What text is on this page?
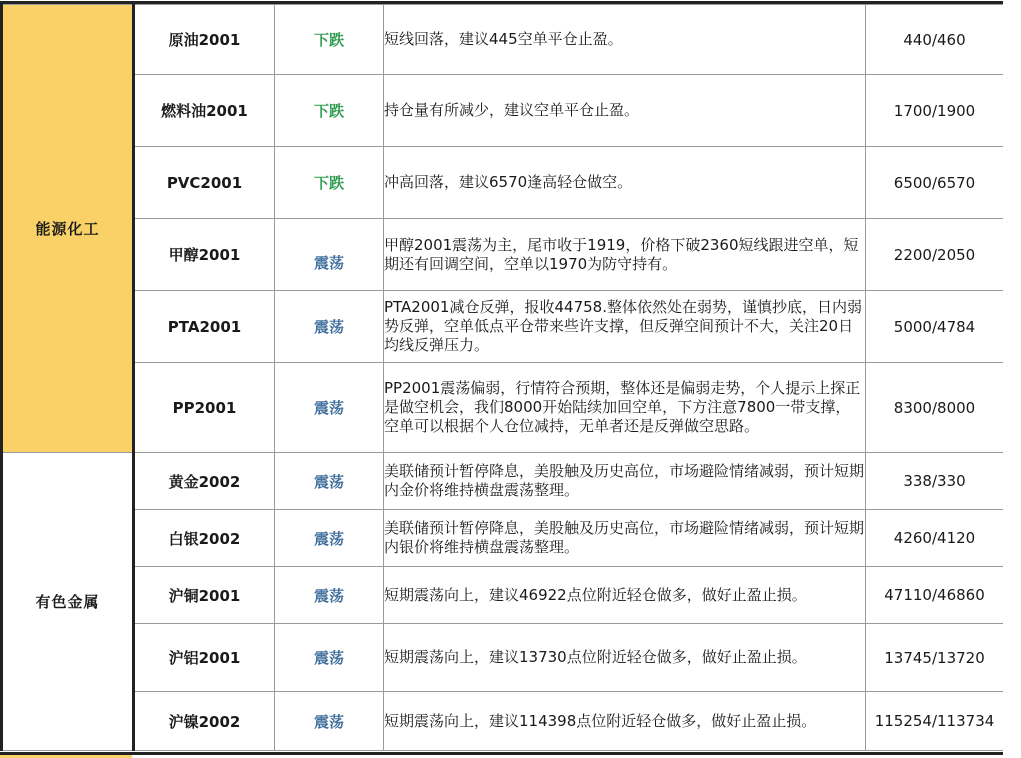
能源化工	原油2001	下跌	短线回落，建议445空单平仓止盈。	440/460
	燃料油2001	下跌	持仓量有所减少，建议空单平仓止盈。	1700/1900
	PVC2001	下跌	冲高回落，建议6570逢高轻仓做空。	6500/6570
	甲醇2001	震荡	甲醇2001震荡为主，尾市收于1919，价格下破2360短线跟进空单，短期还有回调空间，空单以1970为防守持有。	2200/2050
	PTA2001	震荡	PTA2001减仓反弹，报收44758.整体依然处在弱势，谨慎抄底，日内弱势反弹，空单低点平仓带来些许支撑，但反弹空间预计不大，关注20日均线反弹压力。	5000/4784
	PP2001	震荡	PP2001震荡偏弱，行情符合预期，整体还是偏弱走势，个人提示上探正是做空机会，我们8000开始陆续加回空单，下方注意7800一带支撑，空单可以根据个人仓位减持，无单者还是反弹做空思路。	8300/8000
有色金属	黄金2002	震荡	美联储预计暂停降息，美股触及历史高位，市场避险情绪减弱，预计短期内金价将维持横盘震荡整理。	338/330
	白银2002	震荡	美联储预计暂停降息，美股触及历史高位，市场避险情绪减弱，预计短期内银价将维持横盘震荡整理。	4260/4120
	沪铜2001	震荡	短期震荡向上，建议46922点位附近轻仓做多，做好止盈止损。	47110/46860
	沪铝2001	震荡	短期震荡向上，建议13730点位附近轻仓做多，做好止盈止损。	13745/13720
	沪镍2002	震荡	短期震荡向上，建议114398点位附近轻仓做多，做好止盈止损。	115254/113734
